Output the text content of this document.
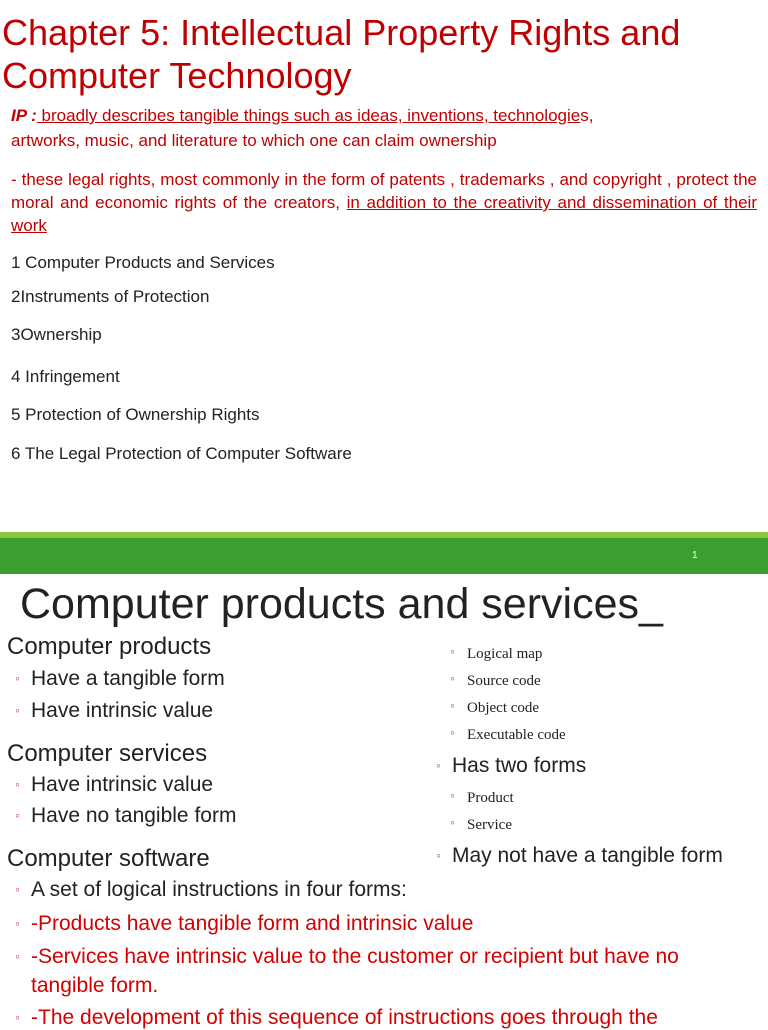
Chapter 5: Intellectual Property Rights and
Computer Technology
IP : broadly describes tangible things such as ideas, inventions, technologies,
artworks, music, and literature to which one can claim ownership
- these legal rights, most commonly in the form of patents , trademarks , and copyright , protect the moral and economic rights of the creators, in addition to the creativity and dissemination of their work
1 Computer Products and Services
2Instruments of Protection
3Ownership
4 Infringement
5 Protection of Ownership Rights
6 The Legal Protection of Computer Software
1
Computer products and services_
Computer products
◦ Have a tangible form
◦ Have intrinsic value
Computer services
◦ Have intrinsic value
◦ Have no tangible form
Computer software
◦ A set of logical instructions in four forms:
◦ -Products have tangible form and intrinsic value
◦ -Services have intrinsic value to the customer or recipient but have no
tangible form.
◦ -The development of this sequence of instructions goes through the
◦ Logical map
◦ Source code
◦ Object code
◦ Executable code
◦ Has two forms
◦ Product
◦ Service
◦ May not have a tangible form
